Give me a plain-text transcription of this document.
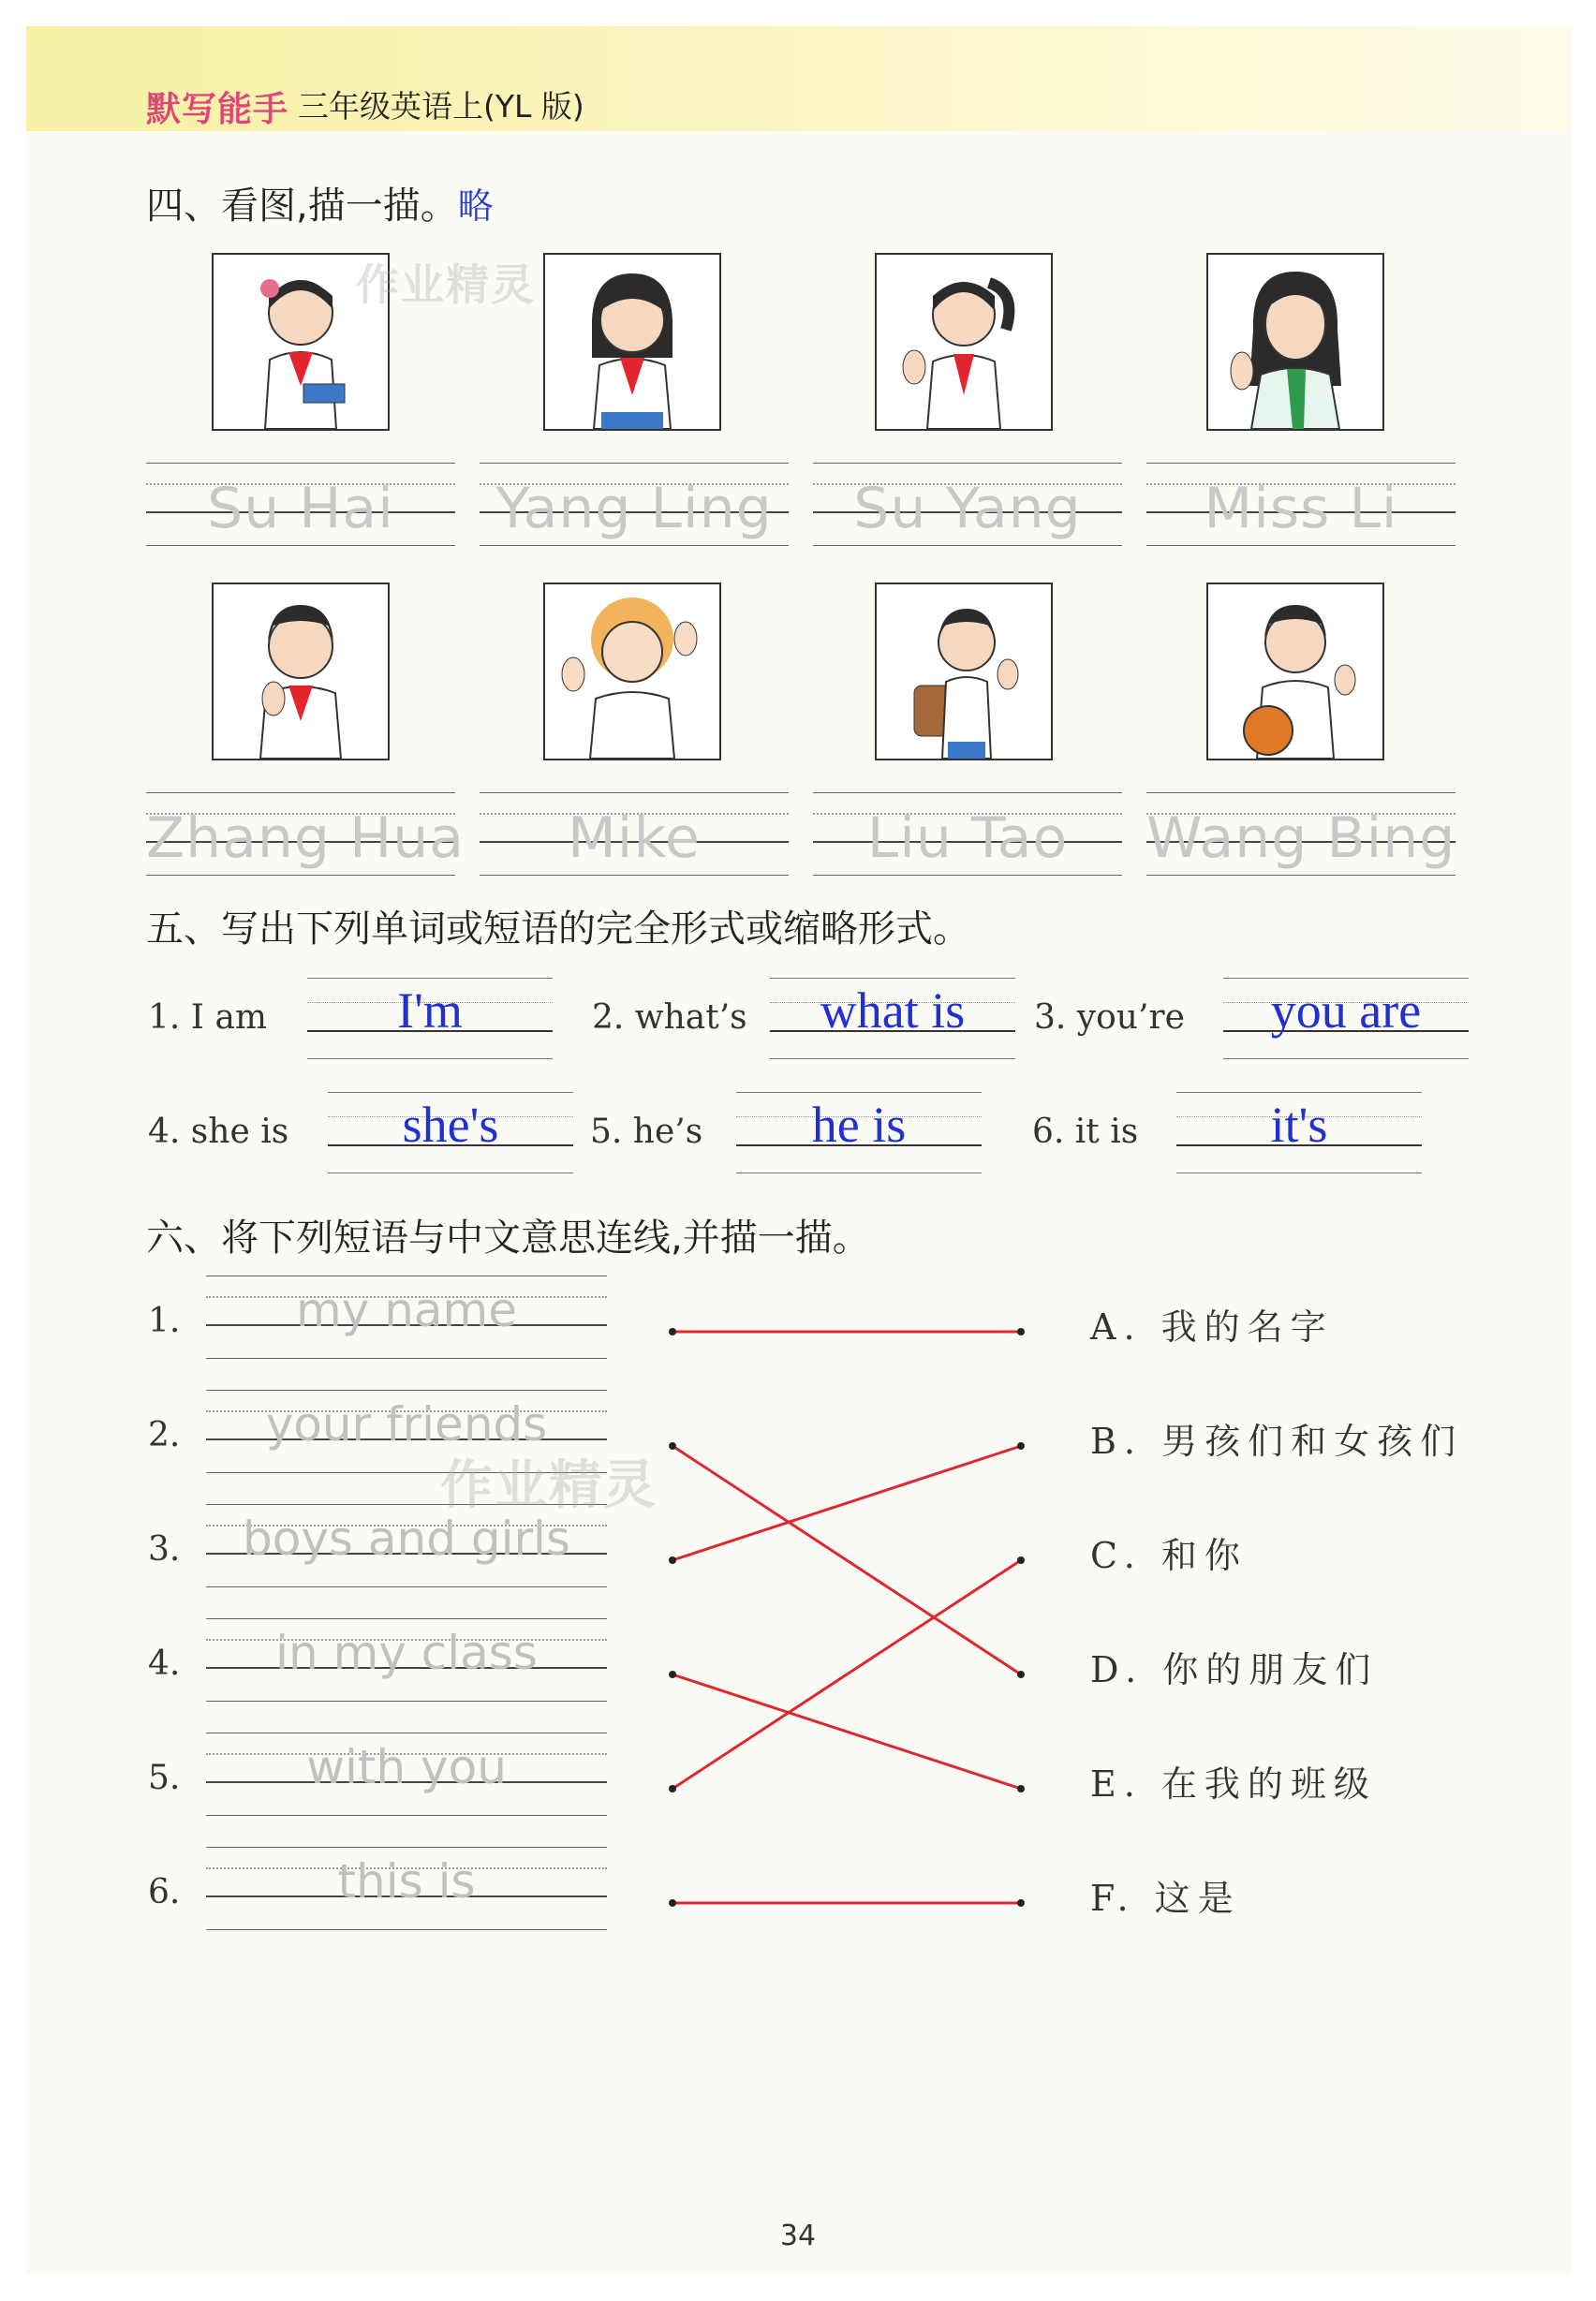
默写能手 三年级英语上(YL 版)
四、看图,描一描。略
Su Hai	Yang Ling	Su Yang	Miss Li
Zhang Hua	Mike	Liu Tao	Wang Bing
五、写出下列单词或短语的完全形式或缩略形式。
1. I am	I'm	2. what’s	what is	3. you’re	you are
4. she is	she's	5. he’s	he is	6. it is	it's
六、将下列短语与中文意思连线,并描一描。
1.	my name
2.	your friends
3.	boys and girls
4.	in my class
5.	with you
6.	this is
A. 我的名字
B. 男孩们和女孩们
C. 和你
D. 你的朋友们
E. 在我的班级
F. 这是
作业精灵
作业精灵
34
